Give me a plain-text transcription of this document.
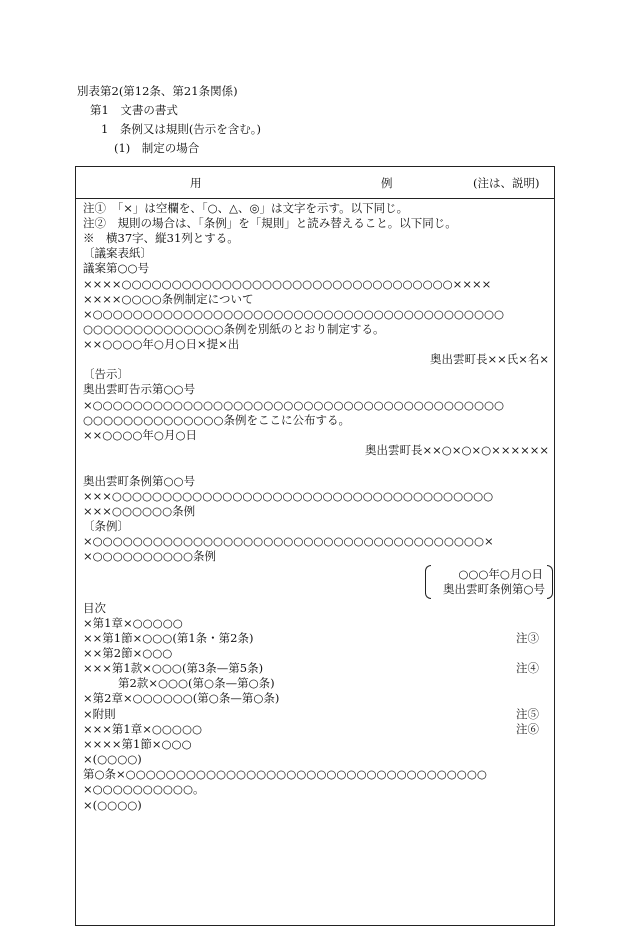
別表第2(第12条、第21条関係)
第1　文書の書式
1　条例又は規則(告示を含む。)
(1)　制定の場合
用	例	(注は、説明)
注①　「×」は空欄を、「○、△、◎」は文字を示す。以下同じ。
注②　規則の場合は、「条例」を「規則」と読み替えること。以下同じ。
※　横37字、縦31列とする。
〔議案表紙〕
議案第○○号
××××○○○○○○○○○○○○○○○○○○○○○○○○○○○○○○○○○××××
××××○○○○条例制定について
×○○○○○○○○○○○○○○○○○○○○○○○○○○○○○○○○○○○○○○○○○
○○○○○○○○○○○○○○条例を別紙のとおり制定する。
××○○○○年○月○日×提×出
奥出雲町長××氏×名×
〔告示〕
奥出雲町告示第○○号
×○○○○○○○○○○○○○○○○○○○○○○○○○○○○○○○○○○○○○○○○○
○○○○○○○○○○○○○○条例をここに公布する。
××○○○○年○月○日
奥出雲町長××○×○×○××××××
奥出雲町条例第○○号
×××○○○○○○○○○○○○○○○○○○○○○○○○○○○○○○○○○○○○○○
×××○○○○○○条例
〔条例〕
×○○○○○○○○○○○○○○○○○○○○○○○○○○○○○○○○○○○○○○○×
×○○○○○○○○○○条例
○○○年○月○日
奥出雲町条例第○号
目次
×第1章×○○○○○
××第1節×○○○(第1条・第2条)	注③
××第2節×○○○
×××第1款×○○○(第3条—第5条)	注④
第2款×○○○(第○条—第○条)
×第2章×○○○○○○(第○条—第○条)
×附則	注⑤
×××第1章×○○○○○	注⑥
××××第1節×○○○
×(○○○○)
第○条×○○○○○○○○○○○○○○○○○○○○○○○○○○○○○○○○○○○○
×○○○○○○○○○○。
×(○○○○)
